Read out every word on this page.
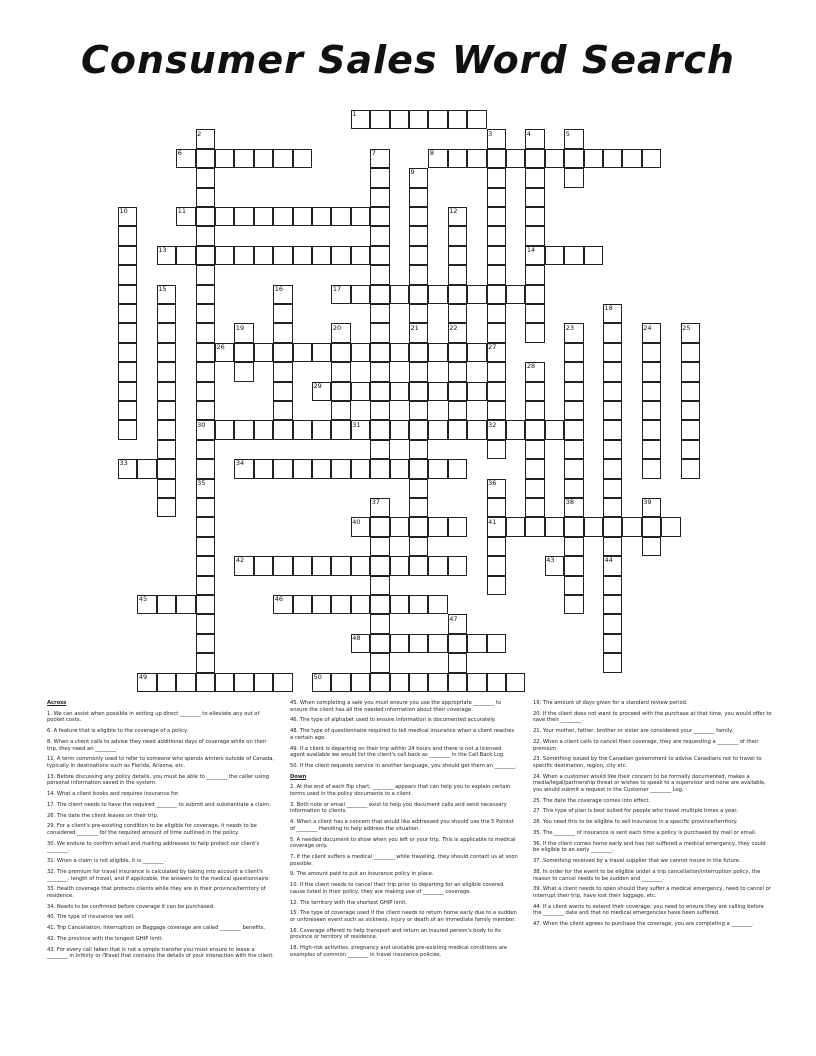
Consumer Sales Word Search
1
6	8
11
13	14
17
26
29
30	31	32
33	34
40	41
42	43
45	46
48
49	50
2	3	4	5
7
9
10	12
15	16
18
19	20	21	22	23	24	25
27
28
35	36
37	38	39
44
47

Across

1. We can assist when possible in setting up direct ________ to alleviate any out of pocket costs.

6. A feature that is eligible to the coverage of a policy.

8. When a client calls to advise they need additional days of coverage while on their trip, they need an ________.

11. A term commonly used to refer to someone who spends winters outside of Canada, typically in destinations such as Florida, Arizona, etc.

13. Before discussing any policy details, you must be able to ________ the caller using personal information saved in the system.

14. What a client books and requires insurance for.

17. The client needs to have the required ________ to submit and substantiate a claim.

26. The date the client leaves on their trip.

29. For a client's pre-existing condition to be eligible for coverage, it needs to be considered ________ for the required amount of time outlined in the policy.

30. We endure to confirm email and mailing addresses to help protect our client's ________.

31. When a claim is not eligible, it is ________.

32. The premium for travel insurance is calculated by taking into account a client's ________, length of travel, and if applicable, the answers to the medical questionnaire.

33. Health coverage that protects clients while they are in their province/territory of residence.

34. Needs to be confirmed before coverage it can be purchased.

40. The type of insurance we sell.

41. Trip Cancellation, Interruption or Baggage coverage are called ________ benefits.

42. The province with the longest GHIP limit.

43. For every call taken that is not a simple transfer you must ensure to leave a ________ in Infinity or iTravel that contains the details of your interaction with the client.

45. When completing a sale you must ensure you use the appropriate ________ to ensure the client has all the needed information about their coverage.

46. The type of alphabet used to ensure information is documented accurately.

48. The type of questionnaire required to tell medical insurance when a client reaches a certain age.

49. If a client is departing on their trip within 24 hours and there is not a licensed agent available we would list the client's call back as ________ in the Call Back Log.

50. If the client requests service in another language, you should get them an ________.

Down

2. At the end of each flip chart, ________ appears that can help you to explain certain terms used in the policy documents to a client.

3. Both note or email ________ exist to help you document calls and send necessary information to clients.

4. When a client has a concern that would like addressed you should use the 5 Pointst of ________ Handling to help address the situation.

5. A needed document to show when you left or your trip. This is applicable to medical coverage only.

7. If the client suffers a medical ________ while traveling, they should contact us at soon possible.

9. The amount paid to put an insurance policy in place.

10. If the client needs to cancel their trip prior to departing for an eligible covered cause listed in their policy, they are making use of ________ coverage.

12. The territory with the shortest GHIP limit.

15. The type of coverage used if the client needs to return home early due to a sudden or unforeseen event such as sickness, injury or death of an immediate family member.

16. Coverage offered to help transport and return an insured person's body to its province or territory of residence.

18. High-risk activities, pregnancy and unstable pre-existing medical conditions are examples of common ________ in travel insurance policies.

19. The amount of days given for a standard review period.

20. If the client does not want to proceed with the purchase at that time, you would offer to save their ________.

21. Your mother, father, brother or sister are considered your ________ family.

22. When a client calls to cancel their coverage, they are requesting a ________ of their premium.

23. Something issued by the Canadian government to advise Canadians not to travel to specific destination, region, city etc.

24. When a customer would like their concern to be formally documented, makes a media/legal/partnership threat or wishes to speak to a supervisor and none are available, you would submit a request in the Customer ________ Log.

25. The date the coverage comes into effect.

27. This type of plan is best suited for people who travel multiple times a year.

28. You need this to be eligible to sell insurance in a specific province/territory.

35. The ________ of insurance is sent each time a policy is purchased by mail or email.

36. If the client comes home early and has not suffered a medical emergency, they could be eligible to an early ________.

37. Something received by a travel supplier that we cannot insure in the future.

38. In order for the event to be eligible under a trip cancellation/interruption policy, the reason to cancel needs to be sudden and ________.

39. What a client needs to open should they suffer a medical emergency, need to cancel or interrupt their trip, have lost their luggage, etc.

44. If a client wants to extend their coverage, you need to ensure they are calling before the ________ date and that no medical emergencies have been suffered.

47. When the client agrees to purchase the coverage, you are completing a ________.
